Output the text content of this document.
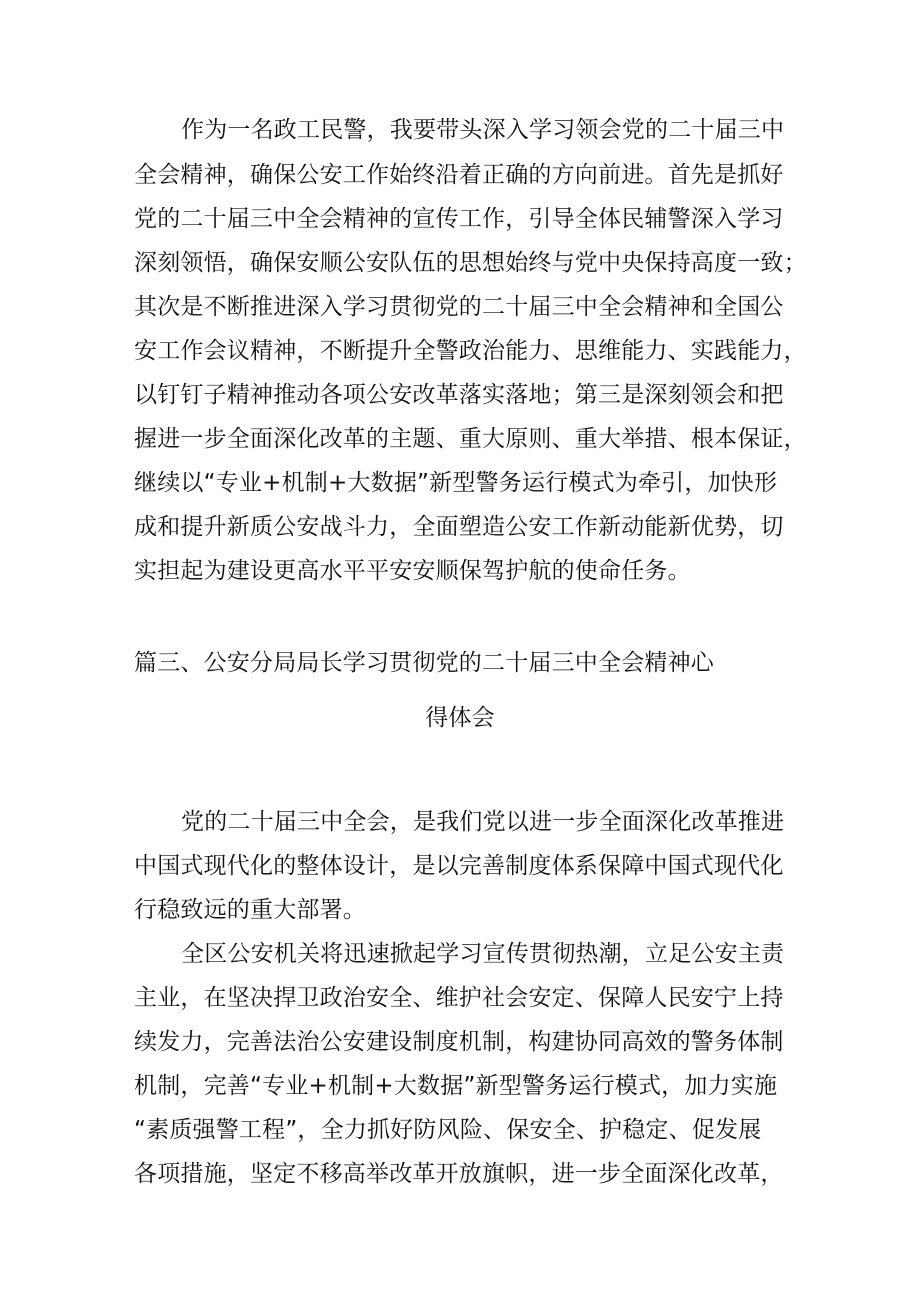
作为一名政工民警，我要带头深入学习领会党的二十届三中
全会精神，确保公安工作始终沿着正确的方向前进。首先是抓好
党的二十届三中全会精神的宣传工作，引导全体民辅警深入学习
深刻领悟，确保安顺公安队伍的思想始终与党中央保持高度一致；
其次是不断推进深入学习贯彻党的二十届三中全会精神和全国公
安工作会议精神，不断提升全警政治能力、思维能力、实践能力，
以钉钉子精神推动各项公安改革落实落地；第三是深刻领会和把
握进一步全面深化改革的主题、重大原则、重大举措、根本保证，
继续以“专业+机制+大数据”新型警务运行模式为牵引，加快形
成和提升新质公安战斗力，全面塑造公安工作新动能新优势，切
实担起为建设更高水平平安安顺保驾护航的使命任务。
篇三、公安分局局长学习贯彻党的二十届三中全会精神心
得体会
党的二十届三中全会，是我们党以进一步全面深化改革推进
中国式现代化的整体设计，是以完善制度体系保障中国式现代化
行稳致远的重大部署。
全区公安机关将迅速掀起学习宣传贯彻热潮，立足公安主责
主业，在坚决捍卫政治安全、维护社会安定、保障人民安宁上持
续发力，完善法治公安建设制度机制，构建协同高效的警务体制
机制，完善“专业+机制+大数据”新型警务运行模式，加力实施
“素质强警工程”，全力抓好防风险、保安全、护稳定、促发展
各项措施，坚定不移高举改革开放旗帜，进一步全面深化改革，
